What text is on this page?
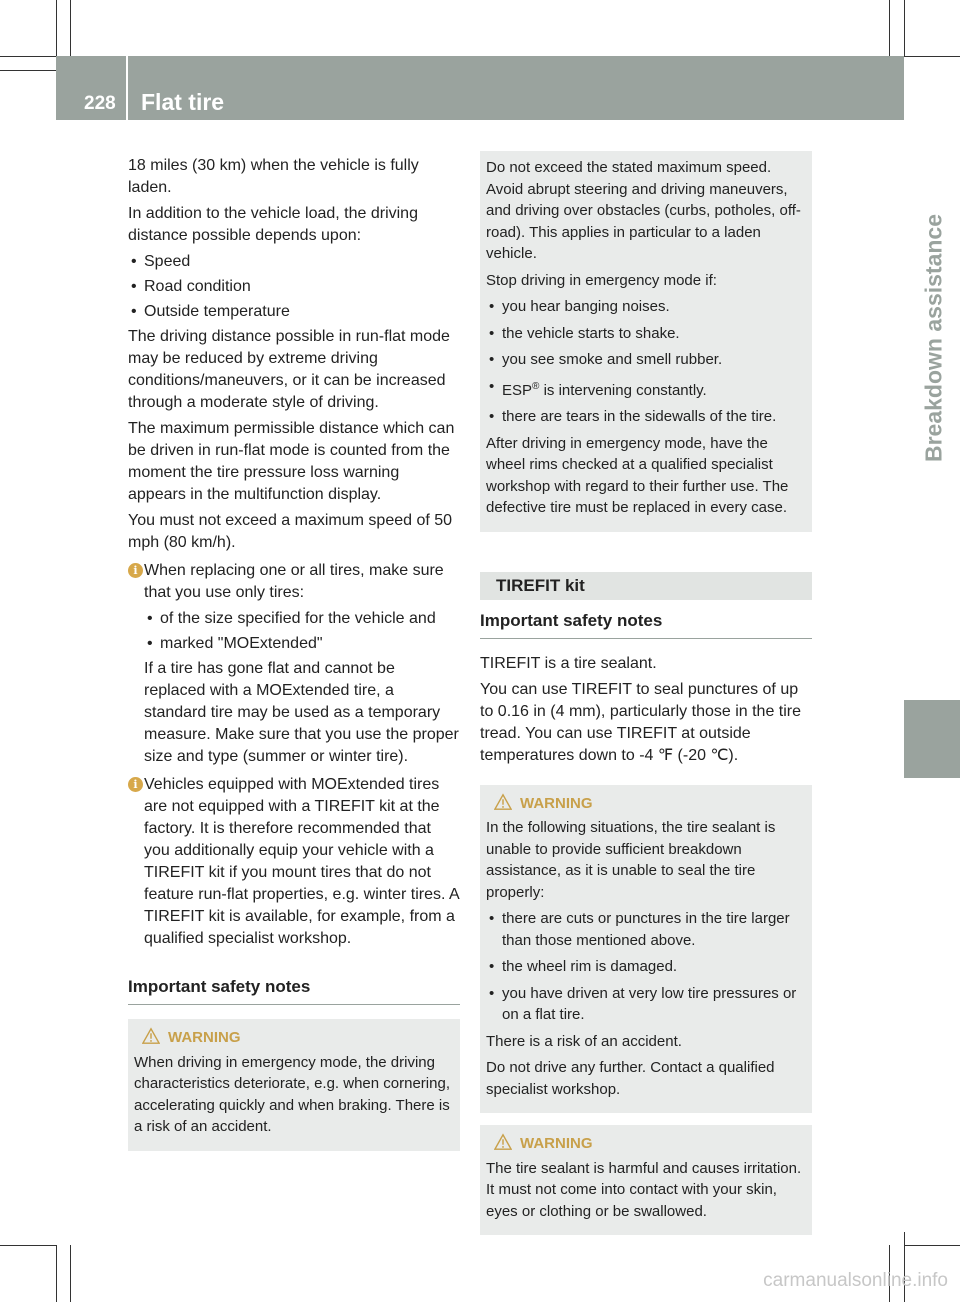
228 Flat tire
Breakdown assistance

18 miles (30 km) when the vehicle is fully laden.

In addition to the vehicle load, the driving distance possible depends upon:

• Speed
• Road condition
• Outside temperature

The driving distance possible in run-flat mode may be reduced by extreme driving conditions/maneuvers, or it can be increased through a moderate style of driving.

The maximum permissible distance which can be driven in run-flat mode is counted from the moment the tire pressure loss warning appears in the multifunction display.

You must not exceed a maximum speed of 50 mph (80 km/h).

i When replacing one or all tires, make sure that you use only tires:

• of the size specified for the vehicle and
• marked "MOExtended"

If a tire has gone flat and cannot be replaced with a MOExtended tire, a standard tire may be used as a temporary measure. Make sure that you use the proper size and type (summer or winter tire).

i Vehicles equipped with MOExtended tires are not equipped with a TIREFIT kit at the factory. It is therefore recommended that you additionally equip your vehicle with a TIREFIT kit if you mount tires that do not feature run-flat properties, e.g. winter tires. A TIREFIT kit is available, for example, from a qualified specialist workshop.

Important safety notes
WARNING

When driving in emergency mode, the driving characteristics deteriorate, e.g. when cornering, accelerating quickly and when braking. There is a risk of an accident.

Do not exceed the stated maximum speed. Avoid abrupt steering and driving maneuvers, and driving over obstacles (curbs, potholes, off-road). This applies in particular to a laden vehicle.

Stop driving in emergency mode if:

• you hear banging noises.
• the vehicle starts to shake.
• you see smoke and smell rubber.
• ESP® is intervening constantly.
• there are tears in the sidewalls of the tire.

After driving in emergency mode, have the wheel rims checked at a qualified specialist workshop with regard to their further use. The defective tire must be replaced in every case.

TIREFIT kit
Important safety notes

TIREFIT is a tire sealant.

You can use TIREFIT to seal punctures of up to 0.16 in (4 mm), particularly those in the tire tread. You can use TIREFIT at outside temperatures down to -4 ℉ (-20 ℃).

WARNING

In the following situations, the tire sealant is unable to provide sufficient breakdown assistance, as it is unable to seal the tire properly:

• there are cuts or punctures in the tire larger than those mentioned above.
• the wheel rim is damaged.
• you have driven at very low tire pressures or on a flat tire.

There is a risk of an accident.

Do not drive any further. Contact a qualified specialist workshop.

WARNING

The tire sealant is harmful and causes irritation. It must not come into contact with your skin, eyes or clothing or be swallowed.

carmanualsonline.info
